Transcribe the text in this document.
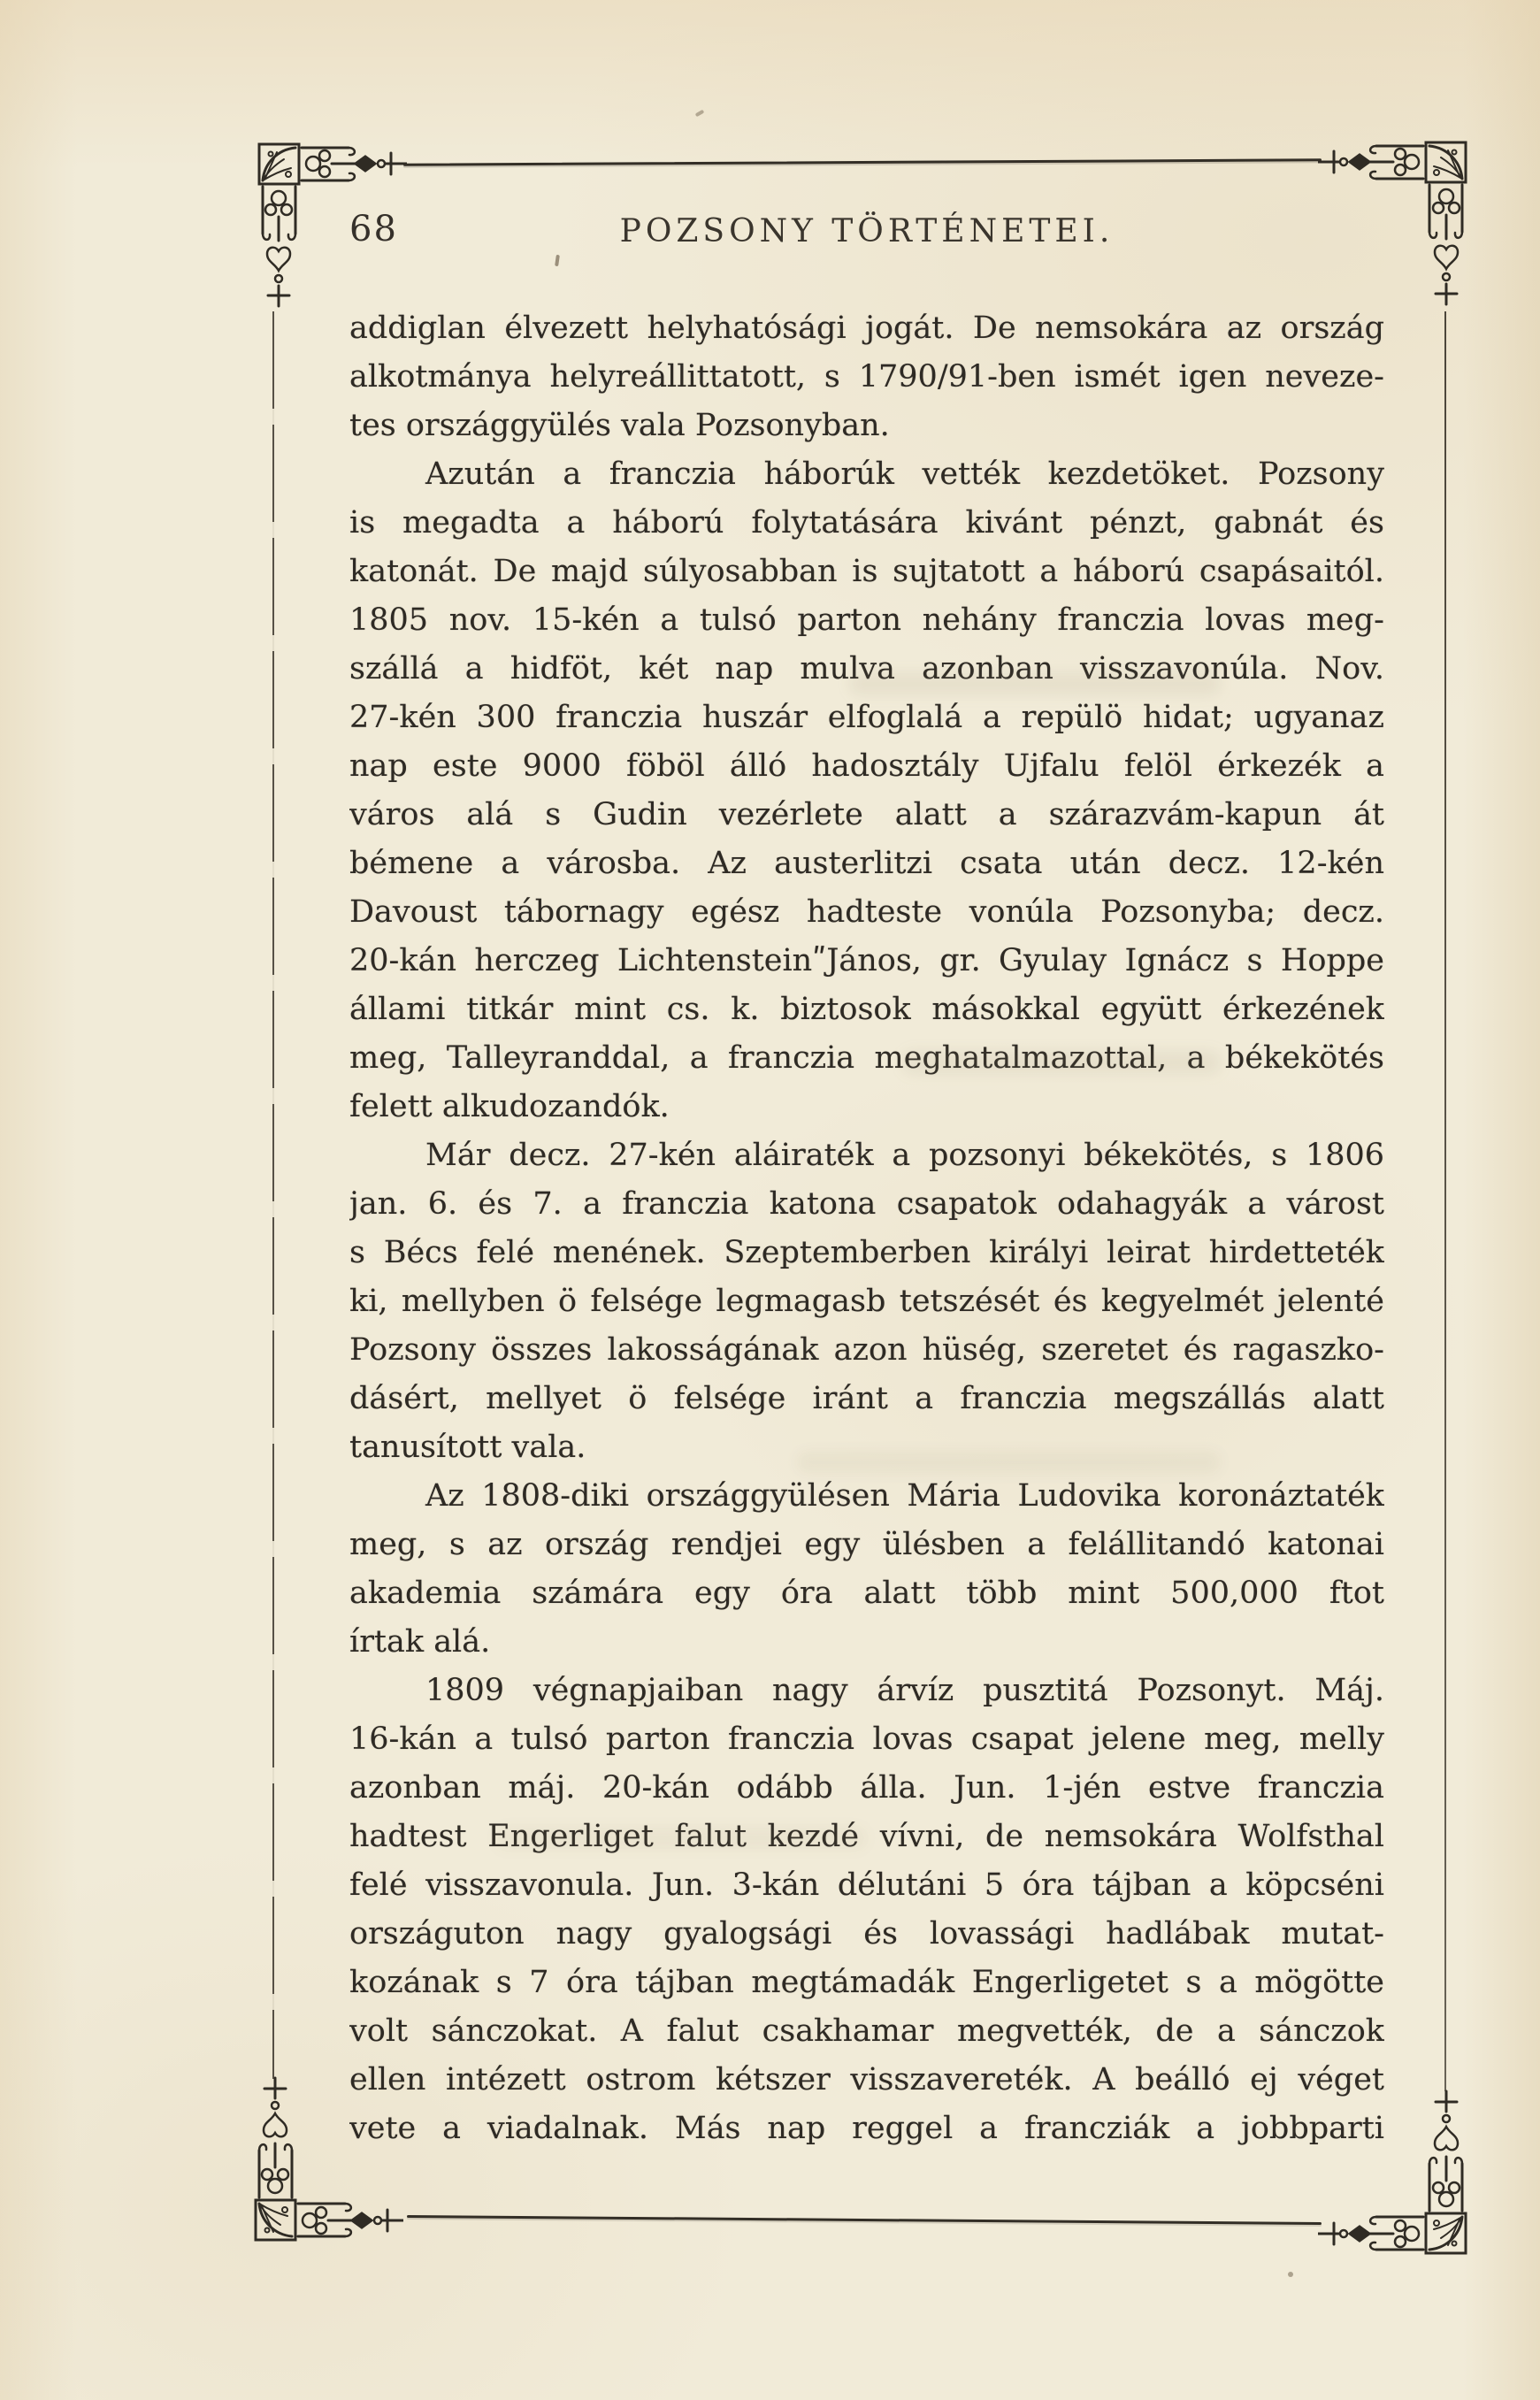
68	POZSONY TÖRTÉNETEI.
addiglan élvezett helyhatósági jogát. De nemsokára az ország
alkotmánya helyreállittatott, s 1790/91-ben ismét igen neveze-
tes országgyülés vala Pozsonyban.
Azután a franczia háborúk vették kezdetöket. Pozsony
is megadta a háború folytatására kivánt pénzt, gabnát és
katonát. De majd súlyosabban is sujtatott a háború csapásaitól.
1805 nov. 15-kén a tulsó parton nehány franczia lovas meg-
szállá a hidföt, két nap mulva azonban visszavonúla. Nov.
27-kén 300 franczia huszár elfoglalá a repülö hidat; ugyanaz
nap este 9000 föböl álló hadosztály Ujfalu felöl érkezék a
város alá s Gudin vezérlete alatt a szárazvám-kapun át
bémene a városba. Az austerlitzi csata után decz. 12-kén
Davoust tábornagy egész hadteste vonúla Pozsonyba; decz.
20-kán herczeg LichtensteinʺJános, gr. Gyulay Ignácz s Hoppe
állami titkár mint cs. k. biztosok másokkal együtt érkezének
meg, Talleyranddal, a franczia meghatalmazottal, a békekötés
felett alkudozandók.
Már decz. 27-kén aláiraték a pozsonyi békekötés, s 1806
jan. 6. és 7. a franczia katona csapatok odahagyák a várost
s Bécs felé menének. Szeptemberben királyi leirat hirdetteték
ki, mellyben ö felsége legmagasb tetszését és kegyelmét jelenté
Pozsony összes lakosságának azon hüség, szeretet és ragaszko-
dásért, mellyet ö felsége iránt a franczia megszállás alatt
tanusított vala.
Az 1808-diki országgyülésen Mária Ludovika koronáztaték
meg, s az ország rendjei egy ülésben a felállitandó katonai
akademia számára egy óra alatt több mint 500,000 ftot
írtak alá.
1809 végnapjaiban nagy árvíz pusztitá Pozsonyt. Máj.
16-kán a tulsó parton franczia lovas csapat jelene meg, melly
azonban máj. 20-kán odább álla. Jun. 1-jén estve franczia
hadtest Engerliget falut kezdé vívni, de nemsokára Wolfsthal
felé visszavonula. Jun. 3-kán délutáni 5 óra tájban a köpcséni
országuton nagy gyalogsági és lovassági hadlábak mutat-
kozának s 7 óra tájban megtámadák Engerligetet s a mögötte
volt sánczokat. A falut csakhamar megvették, de a sánczok
ellen intézett ostrom kétszer visszavereték. A beálló ej véget
vete a viadalnak. Más nap reggel a francziák a jobbparti
